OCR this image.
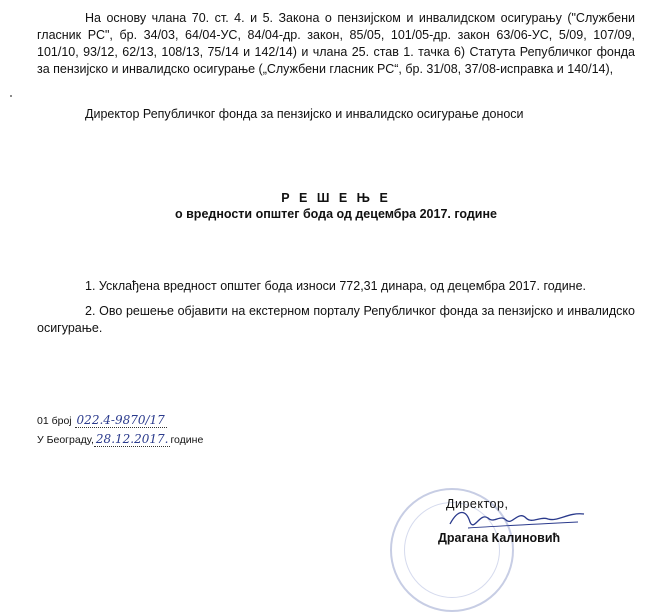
На основу члана 70. ст. 4. и 5. Закона о пензијском и инвалидском осигурању ("Службени гласник РС", бр. 34/03, 64/04-УС, 84/04-др. закон, 85/05, 101/05-др. закон 63/06-УС, 5/09, 107/09, 101/10, 93/12, 62/13, 108/13, 75/14 и 142/14) и члана 25. став 1. тачка 6) Статута Републичког фонда за пензијско и инвалидско осигурање („Службени гласник РС“, бр. 31/08, 37/08-исправка и 140/14),

Директор Републичког фонда за пензијско и инвалидско осигурање доноси

Р Е Ш Е Њ Е

о вредности општег бода од децембра 2017. године

1. Усклађена вредност општег бода износи 772,31 динара, од децембра 2017. године.

2. Ово решење објавити на екстерном порталу Републичког фонда за пензијско и инвалидско осигурање.

01 број 022.4-9870/17
У Београду, 28.12.2017. године
Директор,
Драгана Калиновић
